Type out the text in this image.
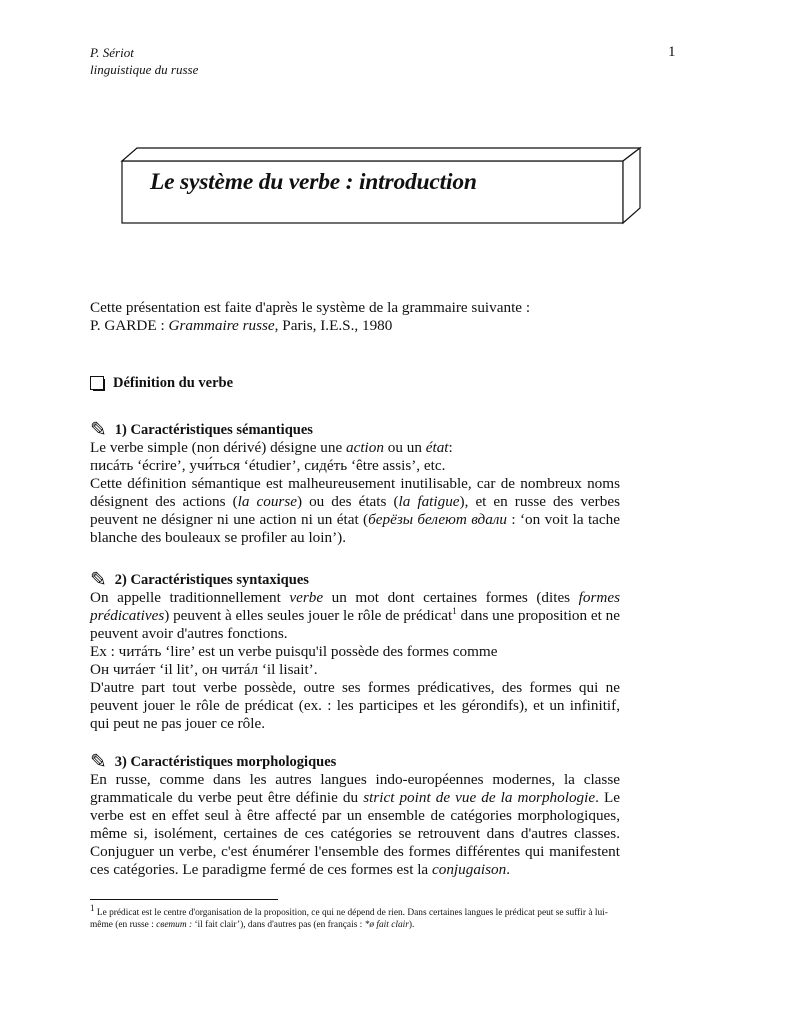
P. Sériot
linguistique du russe
1
Le système du verbe : introduction

Cette présentation est faite d'après le système de la grammaire suivante :

P. GARDE : Grammaire russe, Paris, I.E.S., 1980

Définition du verbe
✎ 1) Caractéristiques sémantiques

Le verbe simple (non dérivé) désigne une action ou un état:

писáть ‘écrire’, учи́ться ‘étudier’, сидéть ‘être assis’, etc.

Cette définition sémantique est malheureusement inutilisable, car de nombreux noms désignent des actions (la course) ou des états (la fatigue), et en russe des verbes peuvent ne désigner ni une action ni un état (берёзы белеют вдали : ‘on voit la tache blanche des bouleaux se profiler au loin’).

✎ 2) Caractéristiques syntaxiques

On appelle traditionnellement verbe un mot dont certaines formes (dites formes prédicatives) peuvent à elles seules jouer le rôle de prédicat$^1$ dans une proposition et ne peuvent avoir d'autres fonctions.

Ex : читáть ‘lire’ est un verbe puisqu'il possède des formes comme

Он читáет ‘il lit’, он читáл ‘il lisait’.

D'autre part tout verbe possède, outre ses formes prédicatives, des formes qui ne peuvent jouer le rôle de prédicat (ex. : les participes et les gérondifs), et un infinitif, qui peut ne pas jouer ce rôle.

✎ 3) Caractéristiques morphologiques

En russe, comme dans les autres langues indo-européennes modernes, la classe grammaticale du verbe peut être définie du strict point de vue de la morphologie. Le verbe est en effet seul à être affecté par un ensemble de catégories morphologiques, même si, isolément, certaines de ces catégories se retrouvent dans d'autres classes. Conjuguer un verbe, c'est énumérer l'ensemble des formes différentes qui manifestent ces catégories. Le paradigme fermé de ces formes est la conjugaison.

$^1$ Le prédicat est le centre d'organisation de la proposition, ce qui ne dépend de rien. Dans certaines langues le prédicat peut se suffir à lui-même (en russe : светит : ‘il fait clair’), dans d'autres pas (en français : *ø fait clair).
